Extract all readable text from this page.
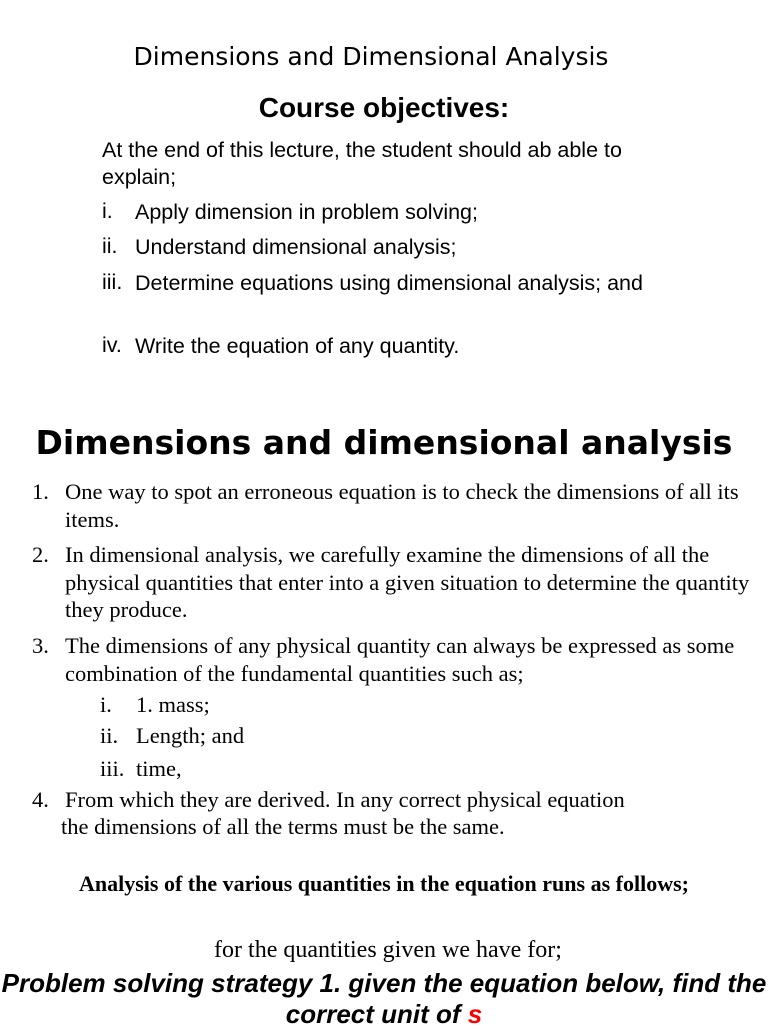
Dimensions and Dimensional Analysis
Course objectives:
At the end of this lecture, the student should ab able to explain;
i. Apply dimension in problem solving;
ii. Understand dimensional analysis;
iii. Determine equations using dimensional analysis; and
iv. Write the equation of any quantity.
Dimensions and dimensional analysis
1. One way to spot an erroneous equation is to check the dimensions of all its items.
2. In dimensional analysis, we carefully examine the dimensions of all the physical quantities that enter into a given situation to determine the quantity they produce.
3. The dimensions of any physical quantity can always be expressed as some combination of the fundamental quantities such as;
i. 1. mass;
ii. Length; and
iii. time,
4. From which they are derived. In any correct physical equation
the dimensions of all the terms must be the same.
Analysis of the various quantities in the equation runs as follows;
for the quantities given we have for;
Problem solving strategy 1. given the equation below, find the correct unit of s
